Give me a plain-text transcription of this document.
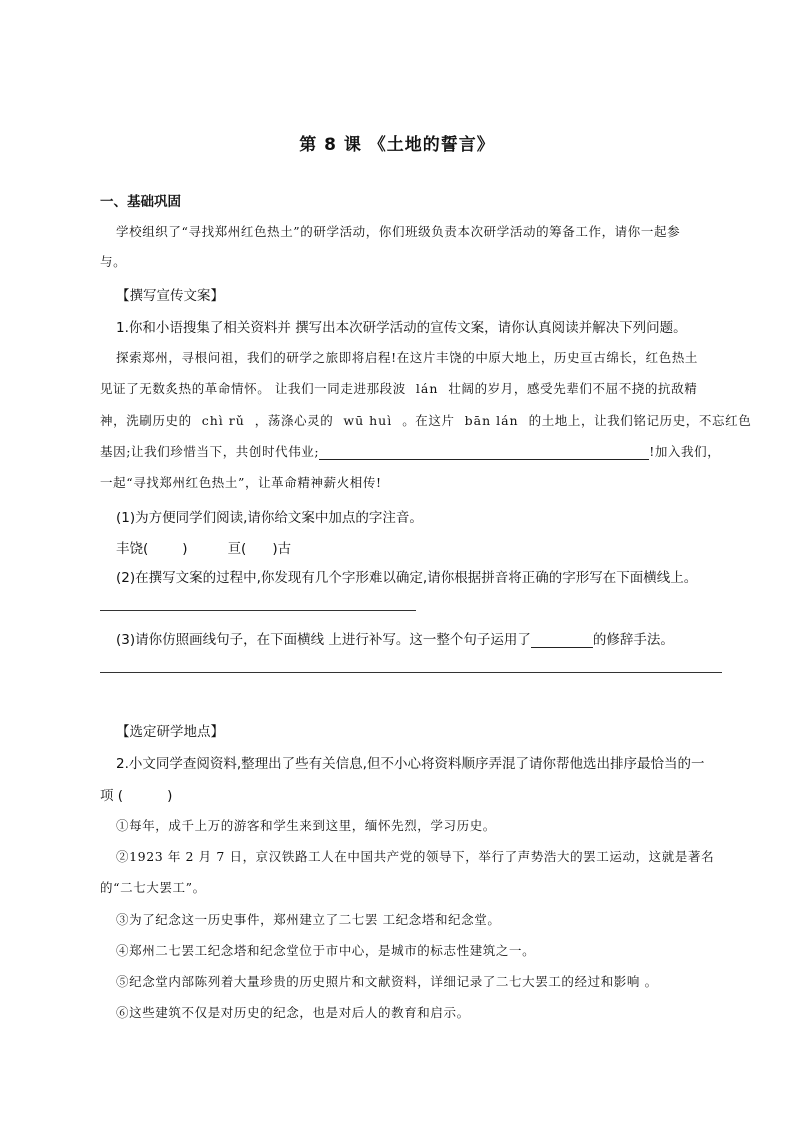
第 8 课 《土地的誓言》
一、基础巩固
学校组织了“寻找郑州红色热土”的研学活动，你们班级负责本次研学活动的筹备工作，请你一起参
与。
【撰写宣传文案】
1.你和小语搜集了相关资料并 撰写出本次研学活动的宣传文案，请你认真阅读并解决下列问题。
探索郑州，寻根问祖，我们的研学之旅即将启程!在这片丰饶的中原大地上，历史亘古绵长，红色热土
见证了无数炙热的革命情怀。 让我们一同走进那段波 lán 壮阔的岁月，感受先辈们不屈不挠的抗敌精
神，洗刷历史的 chì rǔ ，荡涤心灵的 wū huì 。在这片 bān lán 的土地上，让我们铭记历史，不忘红色
基因;让我们珍惜当下，共创时代伟业;	!加入我们，
一起“寻找郑州红色热土”，让革命精神薪火相传!
(1)为方便同学们阅读,请你给文案中加点的字注音。
丰饶(	)	亘( )古
(2)在撰写文案的过程中,你发现有几个字形难以确定,请你根据拼音将正确的字形写在下面横线上。
(3)请你仿照画线句子，在下面横线 上进行补写。这一整个句子运用了	的修辞手法。
【选定研学地点】
2.小文同学查阅资料,整理出了些有关信息,但不小心将资料顺序弄混了请你帮他选出排序最恰当的一
项 (	)
①每年，成千上万的游客和学生来到这里，缅怀先烈，学习历史。
②1923 年 2 月 7 日，京汉铁路工人在中国共产党的领导下，举行了声势浩大的罢工运动，这就是著名
的“二七大罢工”。
③为了纪念这一历史事件，郑州建立了二七罢 工纪念塔和纪念堂。
④郑州二七罢工纪念塔和纪念堂位于市中心，是城市的标志性建筑之一。
⑤纪念堂内部陈列着大量珍贵的历史照片和文献资料，详细记录了二七大罢工的经过和影响 。
⑥这些建筑不仅是对历史的纪念，也是对后人的教育和启示。
